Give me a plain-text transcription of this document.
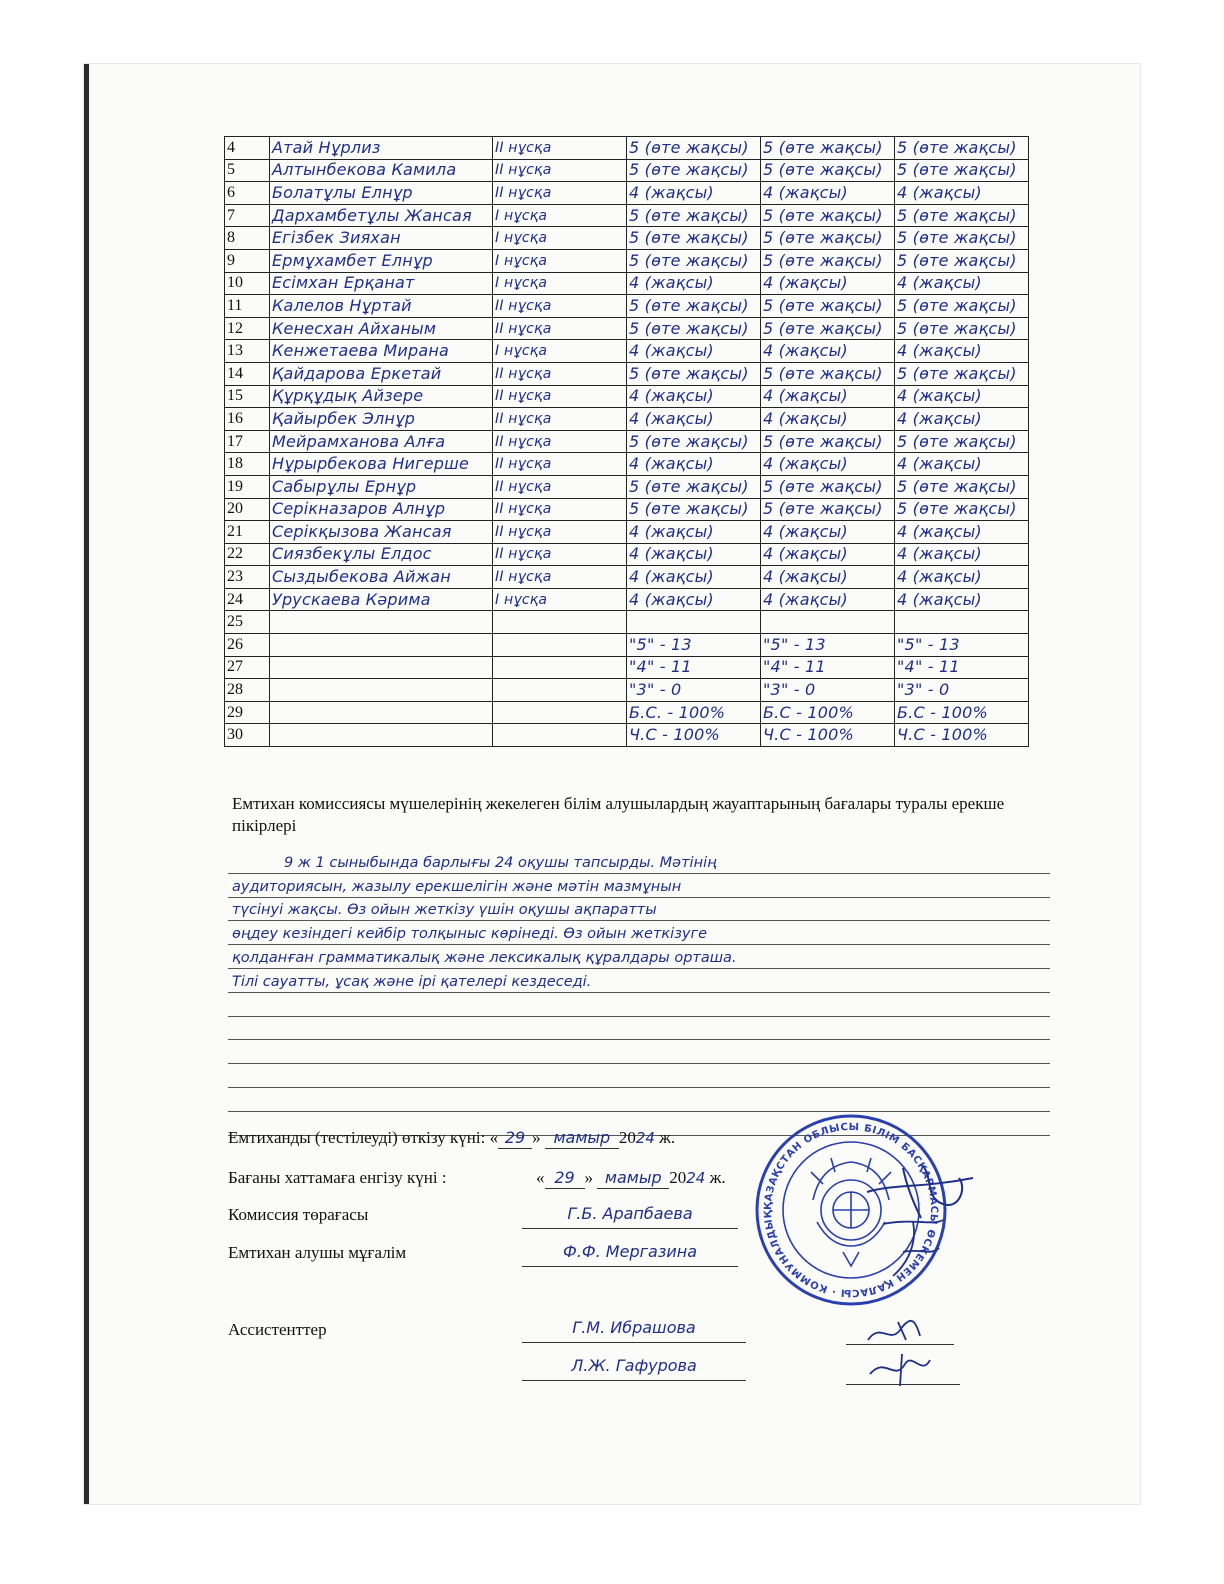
4	Атай Нұрлиз	II нұсқа	5 (өте жақсы)	5 (өте жақсы)	5 (өте жақсы)
5	Алтынбекова Камила	II нұсқа	5 (өте жақсы)	5 (өте жақсы)	5 (өте жақсы)
6	Болатұлы Елнұр	II нұсқа	4 (жақсы)	4 (жақсы)	4 (жақсы)
7	Дархамбетұлы Жансая	I нұсқа	5 (өте жақсы)	5 (өте жақсы)	5 (өте жақсы)
8	Егізбек Зияхан	I нұсқа	5 (өте жақсы)	5 (өте жақсы)	5 (өте жақсы)
9	Ермұхамбет Елнұр	I нұсқа	5 (өте жақсы)	5 (өте жақсы)	5 (өте жақсы)
10	Есімхан Ерқанат	I нұсқа	4 (жақсы)	4 (жақсы)	4 (жақсы)
11	Калелов Нұртай	II нұсқа	5 (өте жақсы)	5 (өте жақсы)	5 (өте жақсы)
12	Кенесхан Айханым	II нұсқа	5 (өте жақсы)	5 (өте жақсы)	5 (өте жақсы)
13	Кенжетаева Мирана	I нұсқа	4 (жақсы)	4 (жақсы)	4 (жақсы)
14	Қайдарова Еркетай	II нұсқа	5 (өте жақсы)	5 (өте жақсы)	5 (өте жақсы)
15	Құрқұдық Айзере	II нұсқа	4 (жақсы)	4 (жақсы)	4 (жақсы)
16	Қайырбек Элнұр	II нұсқа	4 (жақсы)	4 (жақсы)	4 (жақсы)
17	Мейрамханова Алға	II нұсқа	5 (өте жақсы)	5 (өте жақсы)	5 (өте жақсы)
18	Нұрырбекова Нигерше	II нұсқа	4 (жақсы)	4 (жақсы)	4 (жақсы)
19	Сабырұлы Ернұр	II нұсқа	5 (өте жақсы)	5 (өте жақсы)	5 (өте жақсы)
20	Серікназаров Алнұр	II нұсқа	5 (өте жақсы)	5 (өте жақсы)	5 (өте жақсы)
21	Серікқызова Жансая	II нұсқа	4 (жақсы)	4 (жақсы)	4 (жақсы)
22	Сиязбекұлы Елдос	II нұсқа	4 (жақсы)	4 (жақсы)	4 (жақсы)
23	Сыздыбекова Айжан	II нұсқа	4 (жақсы)	4 (жақсы)	4 (жақсы)
24	Урускаева Кәрима	I нұсқа	4 (жақсы)	4 (жақсы)	4 (жақсы)
25					
26			"5" - 13	"5" - 13	"5" - 13
27			"4" - 11	"4" - 11	"4" - 11
28			"3" - 0	"3" - 0	"3" - 0
29			Б.С. - 100%	Б.С - 100%	Б.С - 100%
30			Ч.С - 100%	Ч.С - 100%	Ч.С - 100%
Емтихан комиссиясы мүшелерінің жекелеген білім алушылардың жауаптарының бағалары туралы ерекше пікірлері
9 ж 1 сыныбында барлығы 24 оқушы тапсырды. Мәтінің
аудиториясын, жазылу ерекшелігін және мәтін мазмұнын
түсінуі жақсы. Өз ойын жеткізу үшін оқушы ақпаратты
өңдеу кезіндегі кейбір толқыныс көрінеді. Өз ойын жеткізуге
қолданған грамматикалық және лексикалық құралдары орташа.
Тілі сауатты, ұсақ және ірі қателері кездеседі.
Емтиханды (тестілеуді) өткізу күні: « 29 » мамыр 2024 ж.
Бағаны хаттамаға енгізу күні :	« 29 » мамыр 2024 ж.
Комиссия төрағасы	Г.Б. Арапбаева
Емтихан алушы мұғалім	Ф.Ф. Мергазина
Ассистенттер	Г.М. Ибрашова
Л.Ж. Гафурова
ҚАЗАҚСТАН ОБЛЫСЫ БІЛІМ БАСҚАРМАСЫ ӨСКЕМЕН ҚАЛАСЫ · КОММУНАЛДЫҚ
